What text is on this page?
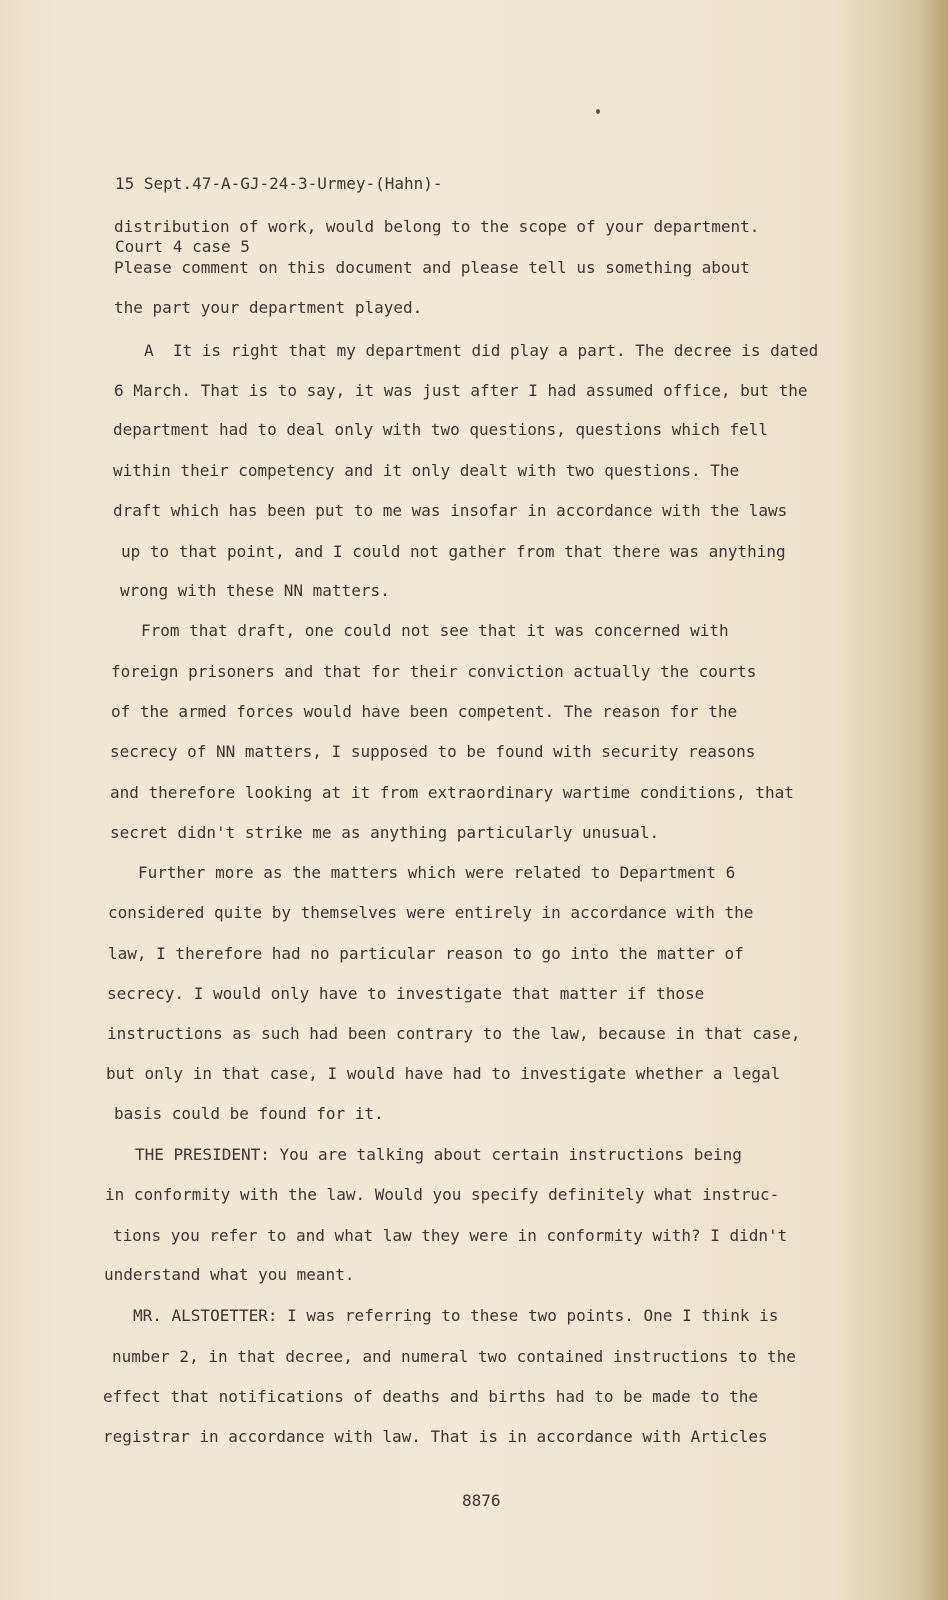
15 Sept.47-A-GJ-24-3-Urmey-(Hahn)-

Court 4 case 5

distribution of work, would belong to the scope of your department.
Please comment on this document and please tell us something about
the part your department played.
A  It is right that my department did play a part. The decree is dated
6 March. That is to say, it was just after I had assumed office, but the
department had to deal only with two questions, questions which fell
within their competency and it only dealt with two questions. The
draft which has been put to me was insofar in accordance with the laws
up to that point, and I could not gather from that there was anything
wrong with these NN matters.
From that draft, one could not see that it was concerned with
foreign prisoners and that for their conviction actually the courts
of the armed forces would have been competent. The reason for the
secrecy of NN matters, I supposed to be found with security reasons
and therefore looking at it from extraordinary wartime conditions, that
secret didn't strike me as anything particularly unusual.
Further more as the matters which were related to Department 6
considered quite by themselves were entirely in accordance with the
law, I therefore had no particular reason to go into the matter of
secrecy. I would only have to investigate that matter if those
instructions as such had been contrary to the law, because in that case,
but only in that case, I would have had to investigate whether a legal
basis could be found for it.
THE PRESIDENT: You are talking about certain instructions being
in conformity with the law. Would you specify definitely what instruc-
tions you refer to and what law they were in conformity with? I didn't
understand what you meant.
MR. ALSTOETTER: I was referring to these two points. One I think is
number 2, in that decree, and numeral two contained instructions to the
effect that notifications of deaths and births had to be made to the
registrar in accordance with law. That is in accordance with Articles
8876
